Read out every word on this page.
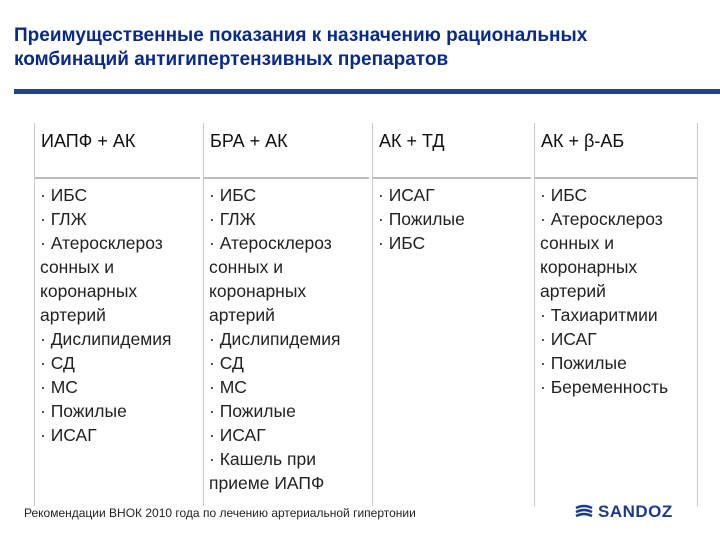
Преимущественные показания к назначению рациональных комбинаций антигипертензивных препаратов
ИАПФ + АК
· ИБС
· ГЛЖ
· Атеросклероз
сонных и
коронарных
артерий
· Дислипидемия
· СД
· МС
· Пожилые
· ИСАГ
БРА + АК
· ИБС
· ГЛЖ
· Атеросклероз
сонных и
коронарных
артерий
· Дислипидемия
· СД
· МС
· Пожилые
· ИСАГ
· Кашель при
приеме ИАПФ
АК + ТД
· ИСАГ
· Пожилые
· ИБС
АК + β-АБ
· ИБС
· Атеросклероз
сонных и
коронарных
артерий
· Тахиаритмии
· ИСАГ
· Пожилые
· Беременность
Рекомендации ВНОК 2010 года по лечению артериальной гипертонии	SANDOZ
